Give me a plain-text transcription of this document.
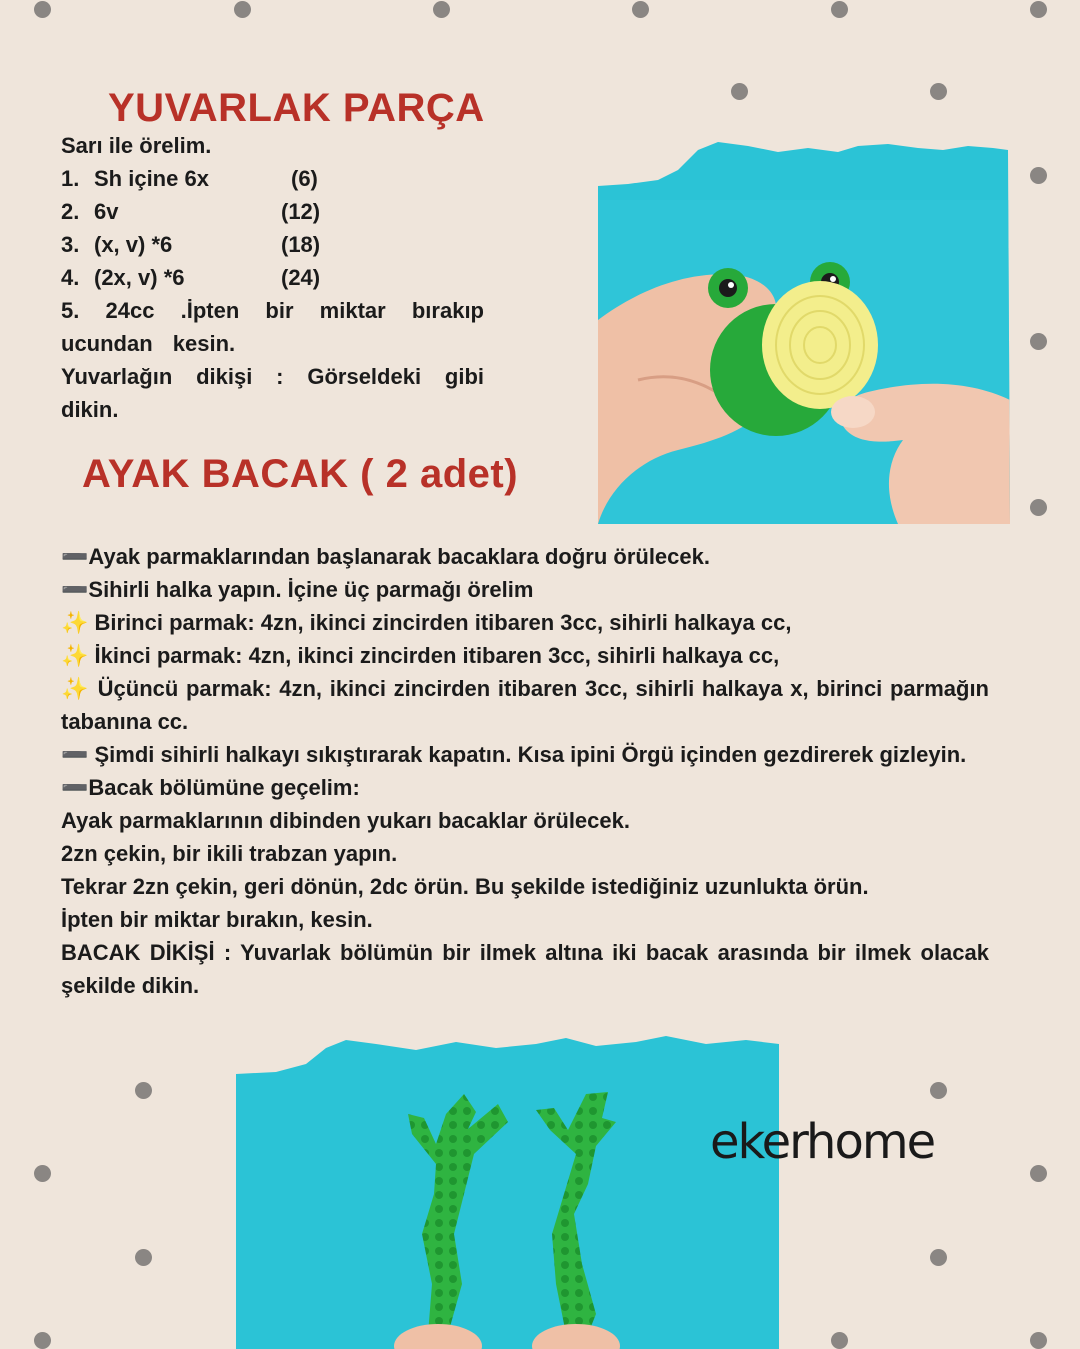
YUVARLAK PARÇA
Sarı ile örelim.
1. Sh içine 6x	(6)
2. 6v	(12)
3. (x, v) *6	(18)
4. (2x, v) *6	(24)
5. 24cc .İpten bir miktar bırakıp ucundan kesin.
Yuvarlağın dikişi : Görseldeki gibi dikin.
AYAK BACAK ( 2 adet)
➖Ayak parmaklarından başlanarak bacaklara doğru örülecek.
➖Sihirli halka yapın. İçine üç parmağı örelim
✨ Birinci parmak: 4zn, ikinci zincirden itibaren 3cc, sihirli halkaya cc,
✨ İkinci parmak: 4zn, ikinci zincirden itibaren 3cc, sihirli halkaya cc,
✨ Üçüncü parmak: 4zn, ikinci zincirden itibaren 3cc, sihirli halkaya x, birinci parmağın tabanına cc.
➖ Şimdi sihirli halkayı sıkıştırarak kapatın. Kısa ipini Örgü içinden gezdirerek gizleyin.
➖Bacak bölümüne geçelim:
Ayak parmaklarının dibinden yukarı bacaklar örülecek.
2zn çekin, bir ikili trabzan yapın.
Tekrar 2zn çekin, geri dönün, 2dc örün. Bu şekilde istediğiniz uzunlukta örün.
İpten bir miktar bırakın, kesin.
BACAK DİKİŞİ : Yuvarlak bölümün bir ilmek altına iki bacak arasında bir ilmek olacak şekilde dikin.
ekerhome
